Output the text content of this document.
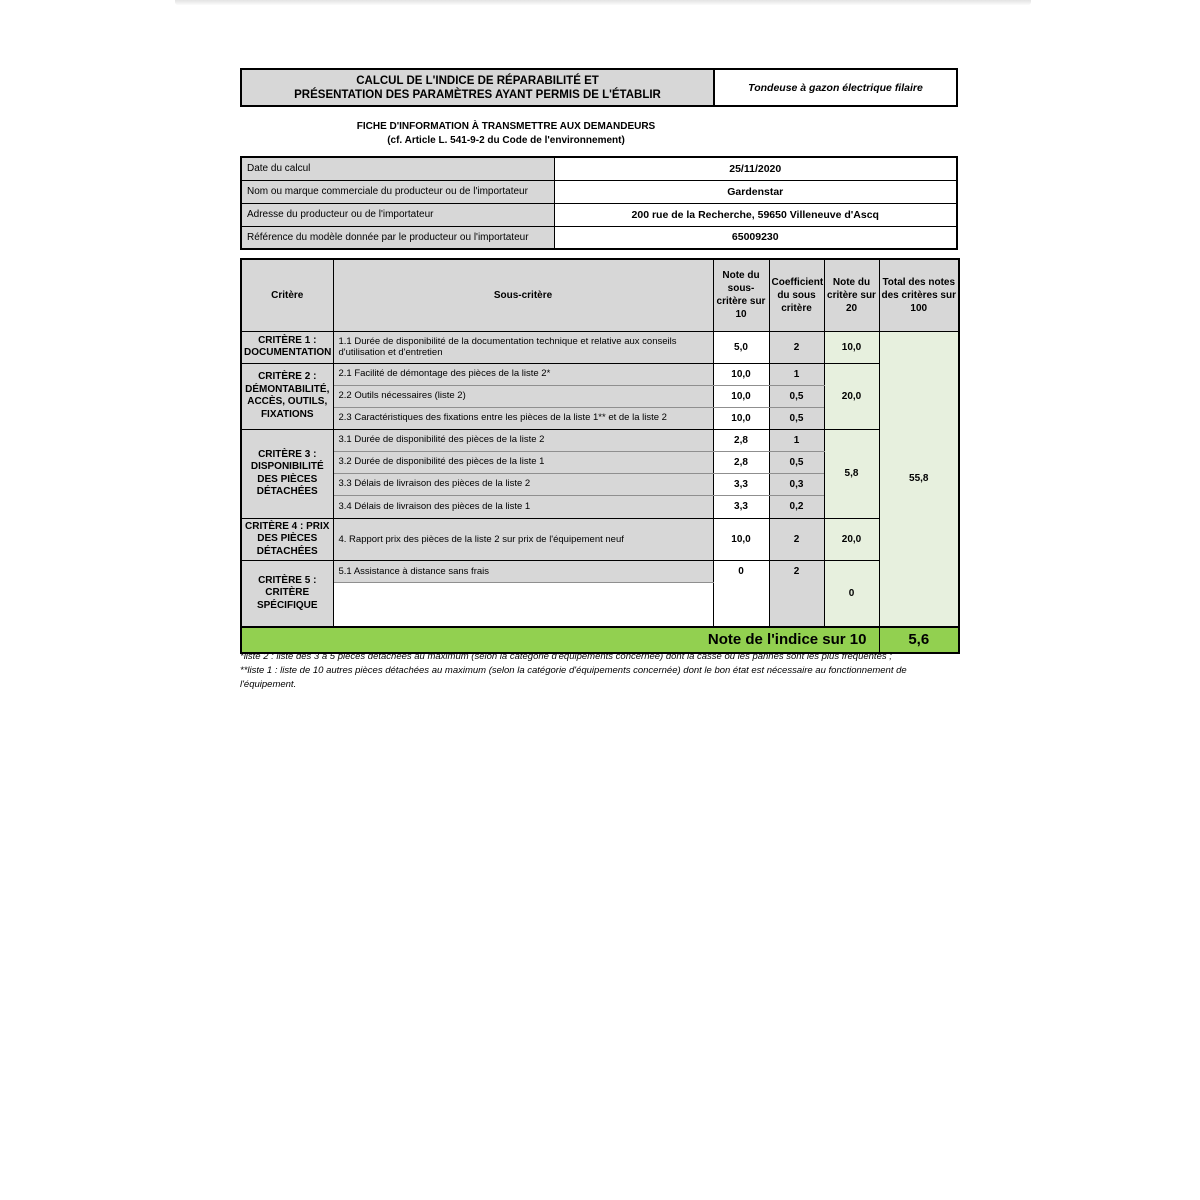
CALCUL DE L'INDICE DE RÉPARABILITÉ ET
PRÉSENTATION DES PARAMÈTRES AYANT PERMIS DE L'ÉTABLIR
Tondeuse à gazon électrique filaire
FICHE D'INFORMATION À TRANSMETTRE AUX DEMANDEURS
(cf. Article L. 541-9-2 du Code de l'environnement)
Date du calcul	25/11/2020
Nom ou marque commerciale du producteur ou de l'importateur	Gardenstar
Adresse du producteur ou de l'importateur	200 rue de la Recherche, 59650 Villeneuve d'Ascq
Référence du modèle donnée par le producteur ou l'importateur	65009230
Critère	Sous-critère	Note du sous-critère sur 10	Coefficient du sous critère	Note du critère sur 20	Total des notes des critères sur 100
CRITÈRE 1 : DOCUMENTATION	1.1 Durée de disponibilité de la documentation technique et relative aux conseils d'utilisation et d'entretien	5,0	2	10,0	55,8
CRITÈRE 2 : DÉMONTABILITÉ, ACCÈS, OUTILS, FIXATIONS	2.1 Facilité de démontage des pièces de la liste 2*	10,0	1	20,0	
	2.2 Outils nécessaires (liste 2)	10,0	0,5		
	2.3 Caractéristiques des fixations entre les pièces de la liste 1** et de la liste 2	10,0	0,5		
CRITÈRE 3 : DISPONIBILITÉ DES PIÈCES DÉTACHÉES	3.1 Durée de disponibilité des pièces de la liste 2	2,8	1	5,8	
	3.2 Durée de disponibilité des pièces de la liste 1	2,8	0,5		
	3.3 Délais de livraison des pièces de la liste 2	3,3	0,3		
	3.4 Délais de livraison des pièces de la liste 1	3,3	0,2		
CRITÈRE 4 : PRIX DES PIÈCES DÉTACHÉES	4. Rapport prix des pièces de la liste 2 sur prix de l'équipement neuf	10,0	2	20,0	
CRITÈRE 5 : CRITÈRE SPÉCIFIQUE	5.1 Assistance à distance sans frais	0	2	0	

Note de l'indice sur 10					5,6
*liste 2 : liste des 3 à 5 pièces détachées au maximum (selon la catégorie d'équipements concernée) dont la casse ou les pannes sont les plus fréquentes ;
**liste 1 : liste de 10 autres pièces détachées au maximum (selon la catégorie d'équipements concernée) dont le bon état est nécessaire au fonctionnement de l'équipement.
